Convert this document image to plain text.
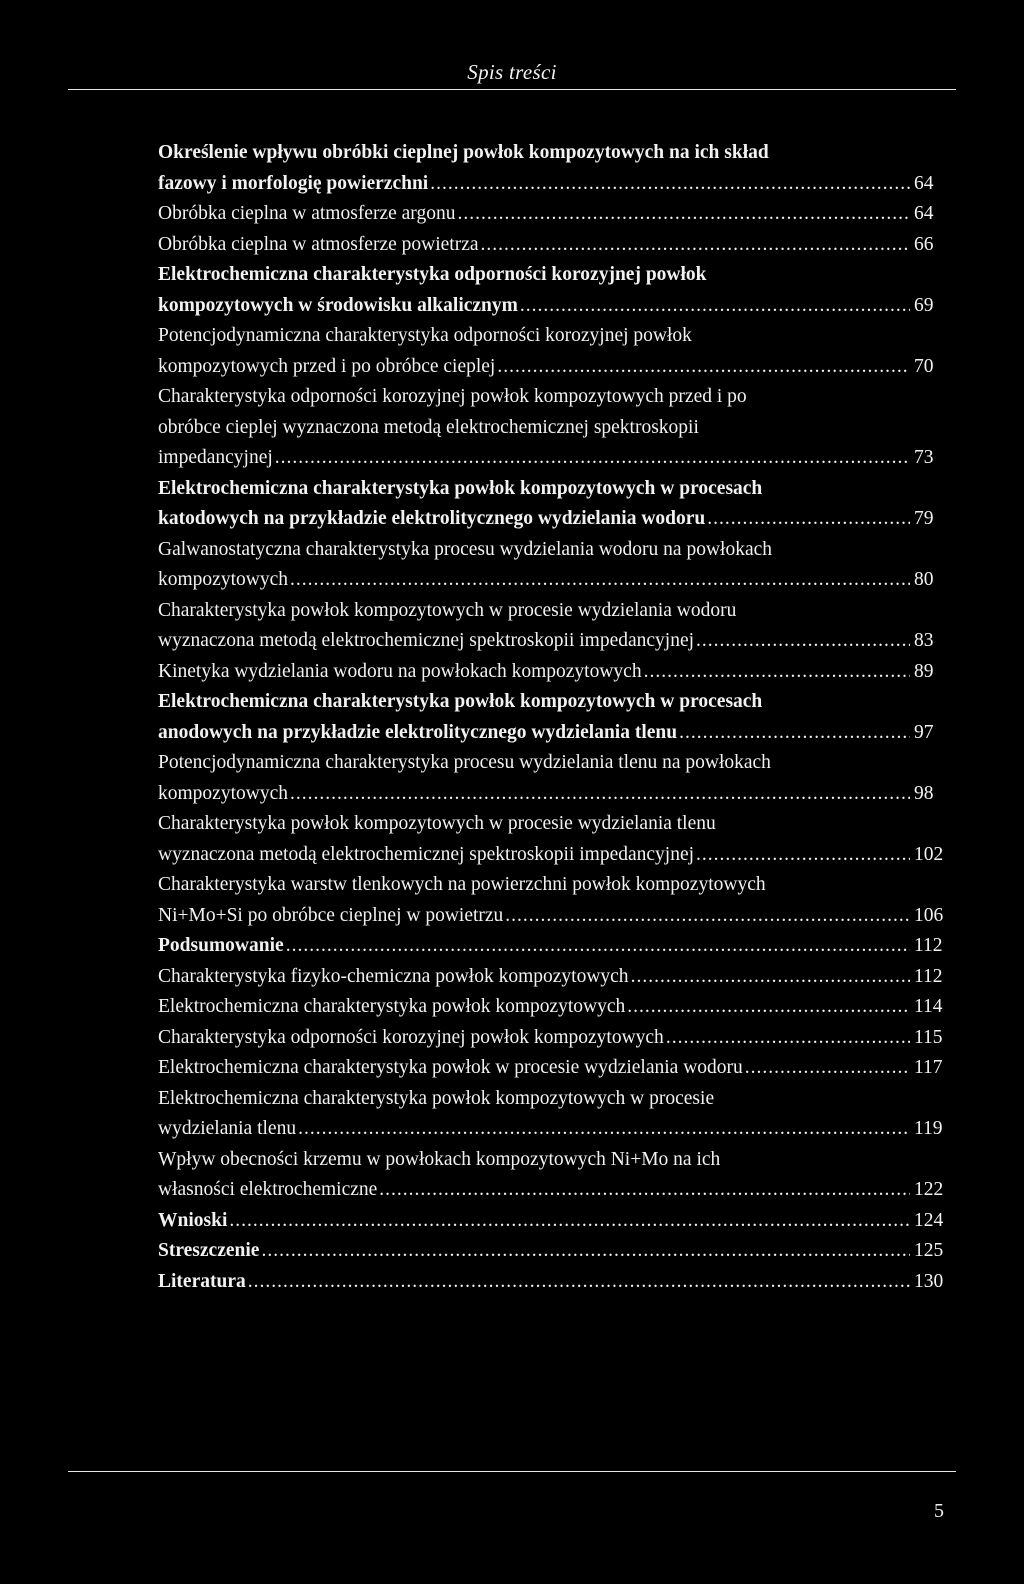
Spis treści
Określenie wpływu obróbki cieplnej powłok kompozytowych na ich skład
fazowy i morfologię powierzchni .....	64
Obróbka cieplna w atmosferze argonu .....	64
Obróbka cieplna w atmosferze powietrza .....	66
Elektrochemiczna charakterystyka odporności korozyjnej powłok
kompozytowych w środowisku alkalicznym .....	69
Potencjodynamiczna charakterystyka odporności korozyjnej powłok
kompozytowych przed i po obróbce cieplej .....	70
Charakterystyka odporności korozyjnej powłok kompozytowych przed i po
obróbce cieplej wyznaczona metodą elektrochemicznej spektroskopii
impedancyjnej .....	73
Elektrochemiczna charakterystyka powłok kompozytowych w procesach
katodowych na przykładzie elektrolitycznego wydzielania wodoru .....	79
Galwanostatyczna charakterystyka procesu wydzielania wodoru na powłokach
kompozytowych .....	80
Charakterystyka powłok kompozytowych w procesie wydzielania wodoru
wyznaczona metodą elektrochemicznej spektroskopii impedancyjnej .....	83
Kinetyka wydzielania wodoru na powłokach kompozytowych .....	89
Elektrochemiczna charakterystyka powłok kompozytowych w procesach
anodowych na przykładzie elektrolitycznego wydzielania tlenu .....	97
Potencjodynamiczna charakterystyka procesu wydzielania tlenu na powłokach
kompozytowych .....	98
Charakterystyka powłok kompozytowych w procesie wydzielania tlenu
wyznaczona metodą elektrochemicznej spektroskopii impedancyjnej .....	102
Charakterystyka warstw tlenkowych na powierzchni powłok kompozytowych
Ni+Mo+Si po obróbce cieplnej w powietrzu .....	106
Podsumowanie .....	112
Charakterystyka fizyko-chemiczna powłok kompozytowych .....	112
Elektrochemiczna charakterystyka powłok kompozytowych .....	114
Charakterystyka odporności korozyjnej powłok kompozytowych .....	115
Elektrochemiczna charakterystyka powłok w procesie wydzielania wodoru .....	117
Elektrochemiczna charakterystyka powłok kompozytowych w procesie
wydzielania tlenu .....	119
Wpływ obecności krzemu w powłokach kompozytowych Ni+Mo na ich
własności elektrochemiczne .....	122
Wnioski .....	124
Streszczenie .....	125
Literatura .....	130
5
